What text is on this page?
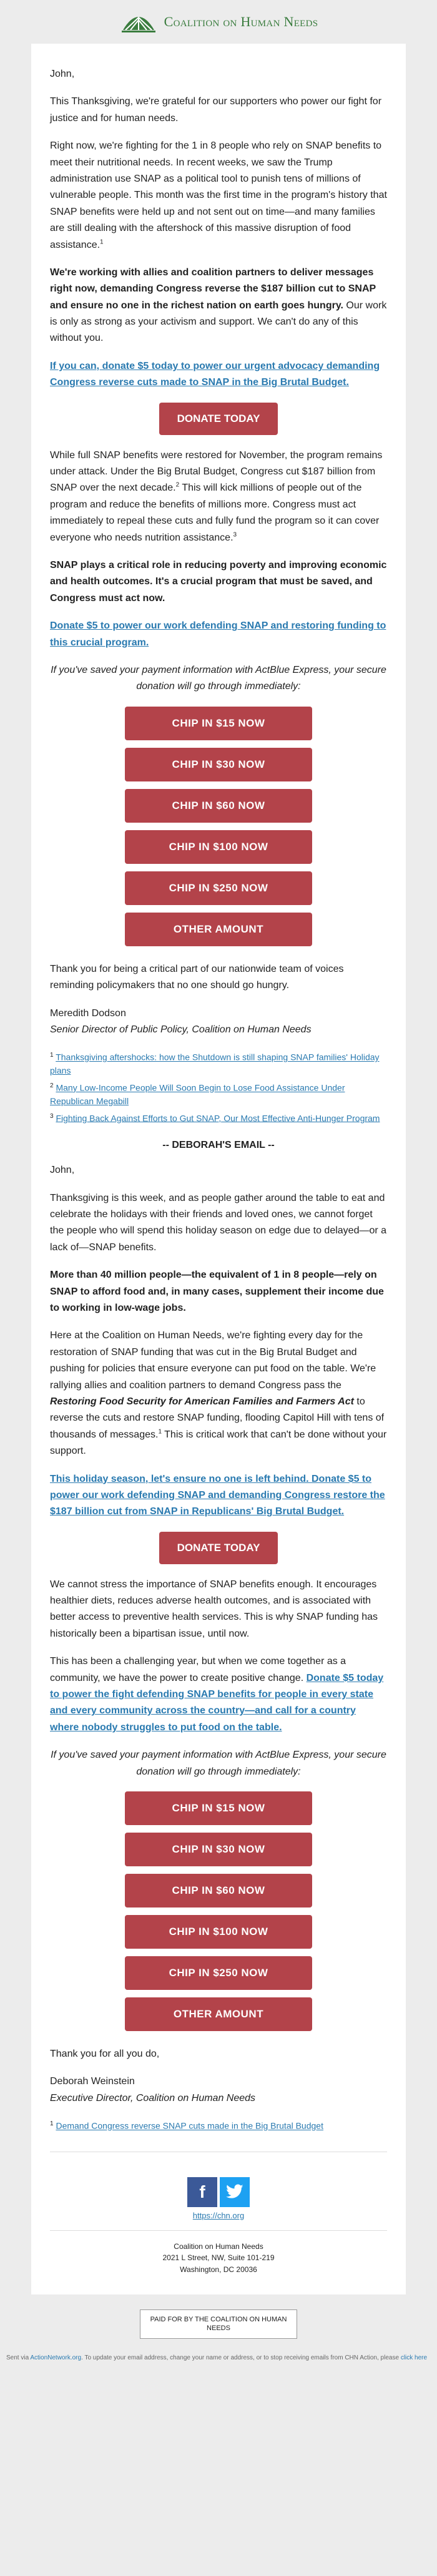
Coalition on Human Needs

John,

This Thanksgiving, we're grateful for our supporters who power our fight for justice and for human needs.

Right now, we're fighting for the 1 in 8 people who rely on SNAP benefits to meet their nutritional needs. In recent weeks, we saw the Trump administration use SNAP as a political tool to punish tens of millions of vulnerable people. This month was the first time in the program's history that SNAP benefits were held up and not sent out on time—and many families are still dealing with the aftershock of this massive disruption of food assistance.$^1$

We're working with allies and coalition partners to deliver messages right now, demanding Congress reverse the $187 billion cut to SNAP and ensure no one in the richest nation on earth goes hungry. Our work is only as strong as your activism and support. We can't do any of this without you.

If you can, donate $5 today to power our urgent advocacy demanding Congress reverse cuts made to SNAP in the Big Brutal Budget.

DONATE TODAY

While full SNAP benefits were restored for November, the program remains under attack. Under the Big Brutal Budget, Congress cut $187 billion from SNAP over the next decade.$^2$ This will kick millions of people out of the program and reduce the benefits of millions more. Congress must act immediately to repeal these cuts and fully fund the program so it can cover everyone who needs nutrition assistance.$^3$

SNAP plays a critical role in reducing poverty and improving economic and health outcomes. It's a crucial program that must be saved, and Congress must act now.

Donate $5 to power our work defending SNAP and restoring funding to this crucial program.

If you've saved your payment information with ActBlue Express, your secure donation will go through immediately:

CHIP IN $15 NOW
CHIP IN $30 NOW
CHIP IN $60 NOW
CHIP IN $100 NOW
CHIP IN $250 NOW
OTHER AMOUNT

Thank you for being a critical part of our nationwide team of voices reminding policymakers that no one should go hungry.

Meredith Dodson
Senior Director of Public Policy, Coalition on Human Needs

$^1$ Thanksgiving aftershocks: how the Shutdown is still shaping SNAP families' Holiday plans

$^2$ Many Low-Income People Will Soon Begin to Lose Food Assistance Under Republican Megabill

$^3$ Fighting Back Against Efforts to Gut SNAP, Our Most Effective Anti-Hunger Program

-- DEBORAH'S EMAIL --

John,

Thanksgiving is this week, and as people gather around the table to eat and celebrate the holidays with their friends and loved ones, we cannot forget the people who will spend this holiday season on edge due to delayed—or a lack of—SNAP benefits.

More than 40 million people—the equivalent of 1 in 8 people—rely on SNAP to afford food and, in many cases, supplement their income due to working in low-wage jobs.

Here at the Coalition on Human Needs, we're fighting every day for the restoration of SNAP funding that was cut in the Big Brutal Budget and pushing for policies that ensure everyone can put food on the table. We're rallying allies and coalition partners to demand Congress pass the Restoring Food Security for American Families and Farmers Act to reverse the cuts and restore SNAP funding, flooding Capitol Hill with tens of thousands of messages.$^1$ This is critical work that can't be done without your support.

This holiday season, let's ensure no one is left behind. Donate $5 to power our work defending SNAP and demanding Congress restore the $187 billion cut from SNAP in Republicans' Big Brutal Budget.

DONATE TODAY

We cannot stress the importance of SNAP benefits enough. It encourages healthier diets, reduces adverse health outcomes, and is associated with better access to preventive health services. This is why SNAP funding has historically been a bipartisan issue, until now.

This has been a challenging year, but when we come together as a community, we have the power to create positive change. Donate $5 today to power the fight defending SNAP benefits for people in every state and every community across the country—and call for a country where nobody struggles to put food on the table.

If you've saved your payment information with ActBlue Express, your secure donation will go through immediately:

CHIP IN $15 NOW
CHIP IN $30 NOW
CHIP IN $60 NOW
CHIP IN $100 NOW
CHIP IN $250 NOW
OTHER AMOUNT

Thank you for all you do,

Deborah Weinstein
Executive Director, Coalition on Human Needs

$^1$ Demand Congress reverse SNAP cuts made in the Big Brutal Budget

f
https://chn.org
Coalition on Human Needs
2021 L Street, NW, Suite 101-219
Washington, DC 20036
PAID FOR BY THE COALITION ON HUMAN NEEDS
Sent via ActionNetwork.org. To update your email address, change your name or address, or to stop receiving emails from CHN Action, please click here
